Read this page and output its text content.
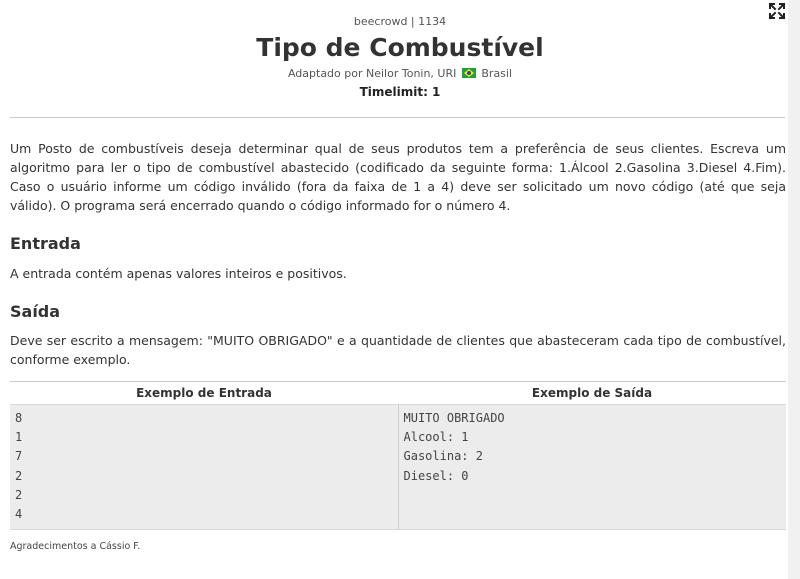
beecrowd | 1134
Tipo de Combustível
Adaptado por Neilor Tonin, URI Brasil
Timelimit: 1

Um Posto de combustíveis deseja determinar qual de seus produtos tem a preferência de seus clientes. Escreva um algoritmo para ler o tipo de combustível abastecido (codificado da seguinte forma: 1.Álcool 2.Gasolina 3.Diesel 4.Fim). Caso o usuário informe um código inválido (fora da faixa de 1 a 4) deve ser solicitado um novo código (até que seja válido). O programa será encerrado quando o código informado for o número 4.

Entrada

A entrada contém apenas valores inteiros e positivos.

Saída

Deve ser escrito a mensagem: "MUITO OBRIGADO" e a quantidade de clientes que abasteceram cada tipo de combustível, conforme exemplo.

Exemplo de Entrada	Exemplo de Saída
8
1
7
2
2
4
MUITO OBRIGADO
Alcool: 1
Gasolina: 2
Diesel: 0
Agradecimentos a Cássio F.
